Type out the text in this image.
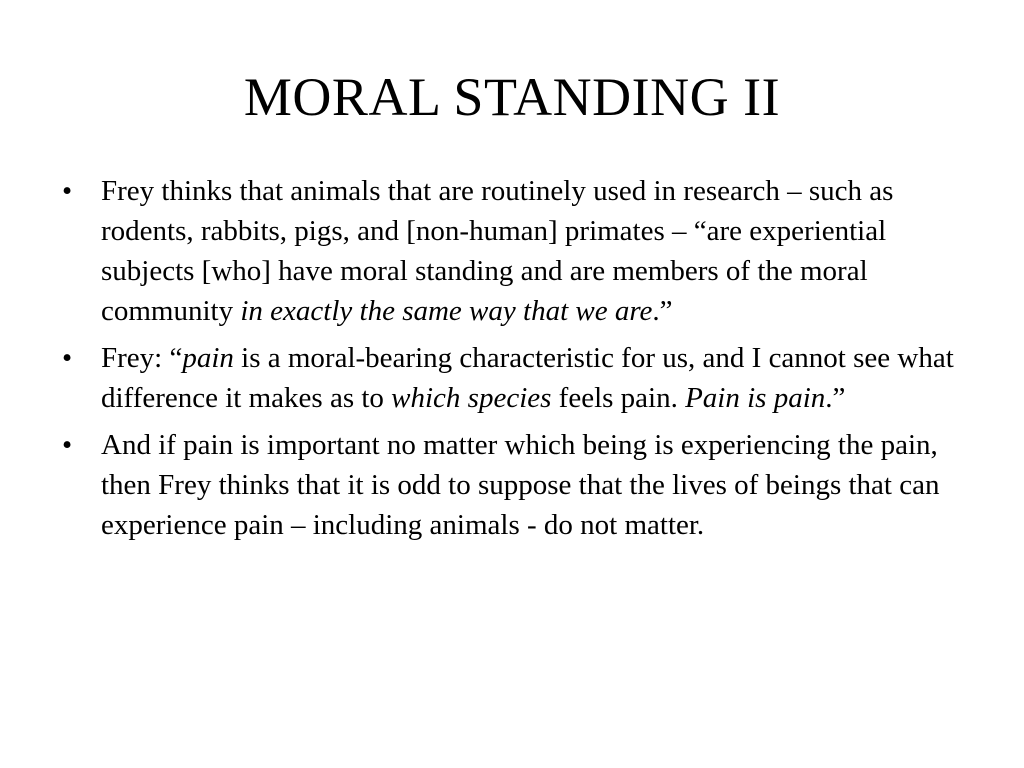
MORAL STANDING II
• Frey thinks that animals that are routinely used in research – such as rodents, rabbits, pigs, and [non-human] primates – “are experiential subjects [who] have moral standing and are members of the moral community in exactly the same way that we are.”
• Frey: “pain is a moral-bearing characteristic for us, and I cannot see what difference it makes as to which species feels pain. Pain is pain.”
• And if pain is important no matter which being is experiencing the pain, then Frey thinks that it is odd to suppose that the lives of beings that can experience pain – including animals - do not matter.
